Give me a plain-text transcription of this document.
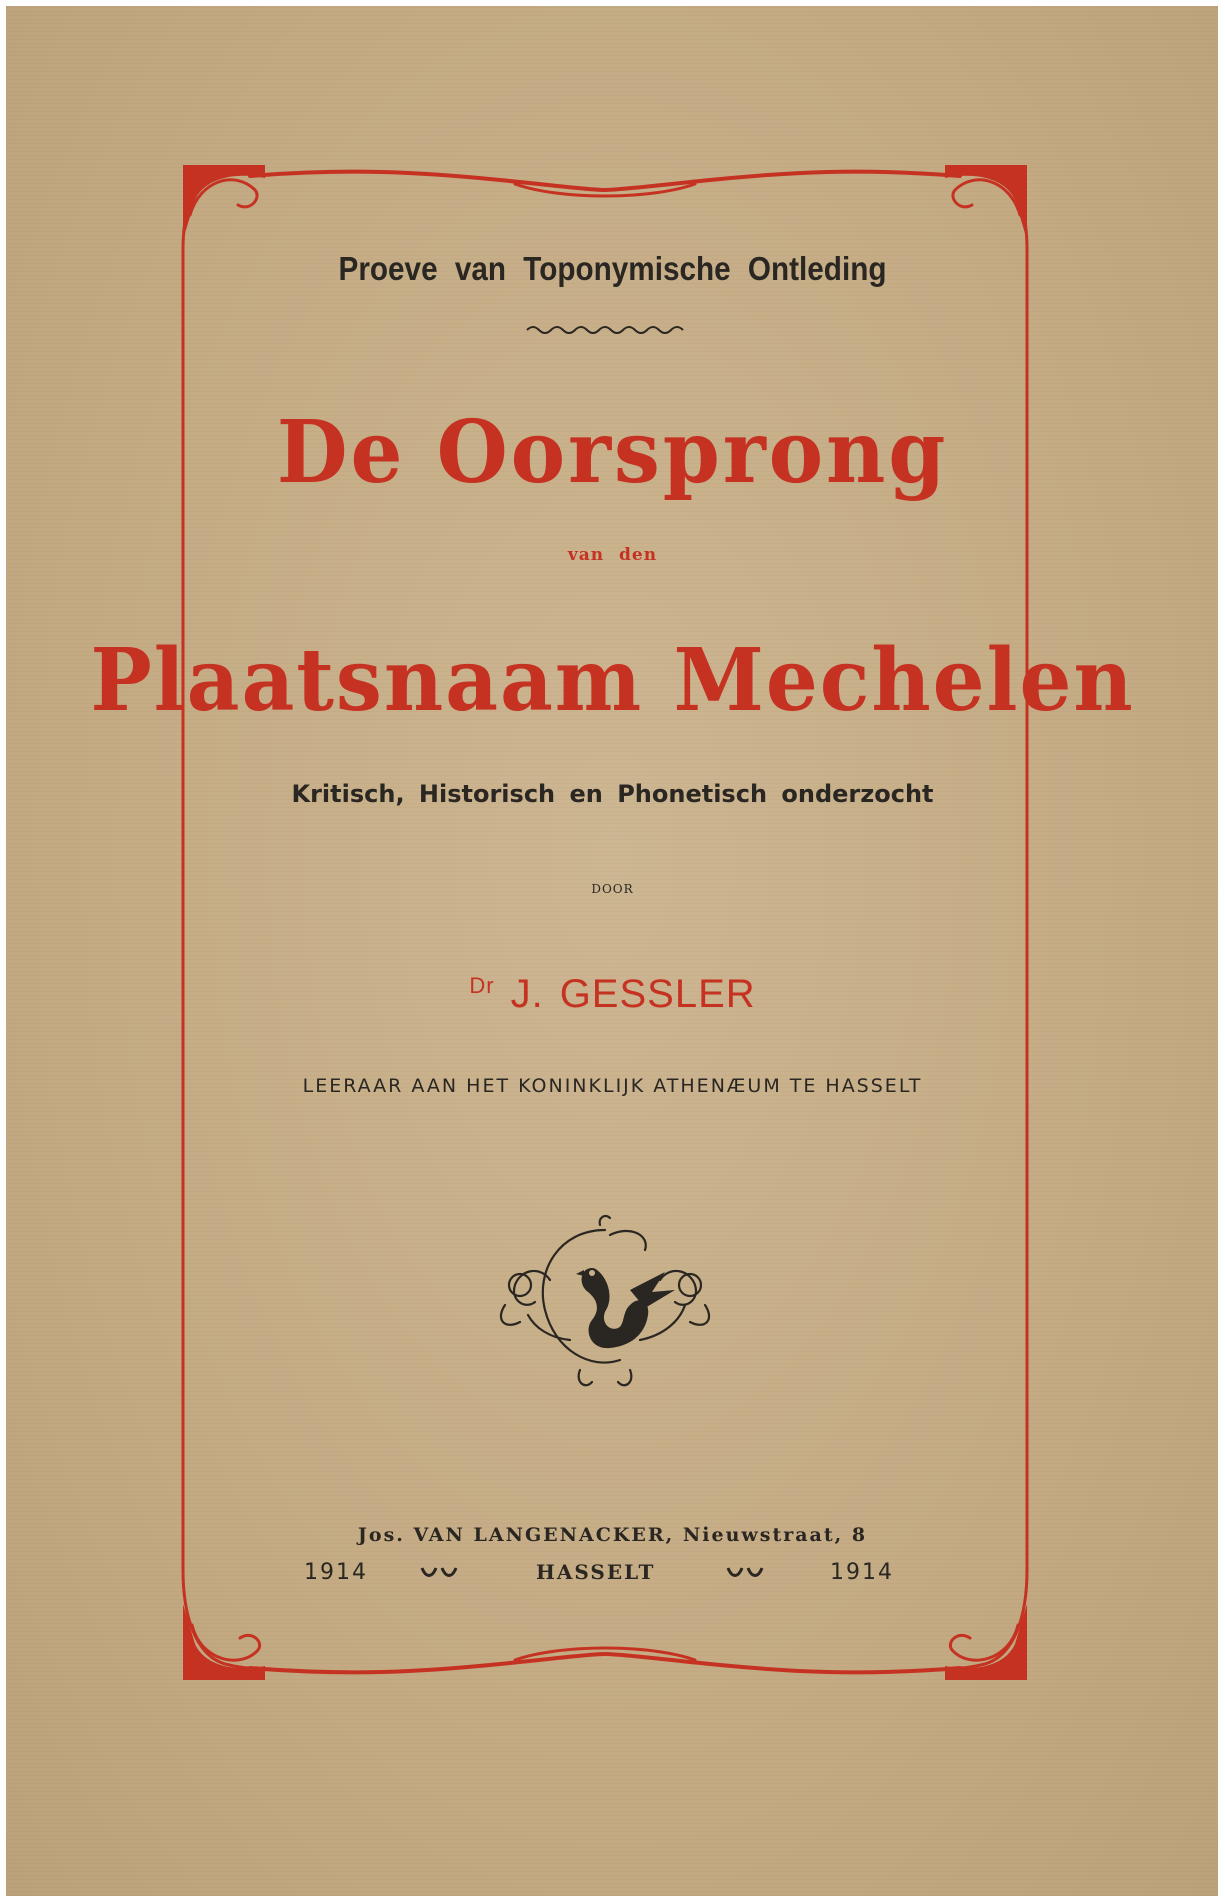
Proeve van Toponymische Ontleding
De Oorsprong
van den
Plaatsnaam Mechelen
Kritisch, Historisch en Phonetisch onderzocht
DOOR
$^{Dr}$ J. GESSLER
LEERAAR AAN HET KONINKLIJK ATHENÆUM TE HASSELT
Jos. VAN LANGENACKER, Nieuwstraat, 8
1914	HASSELT	1914
